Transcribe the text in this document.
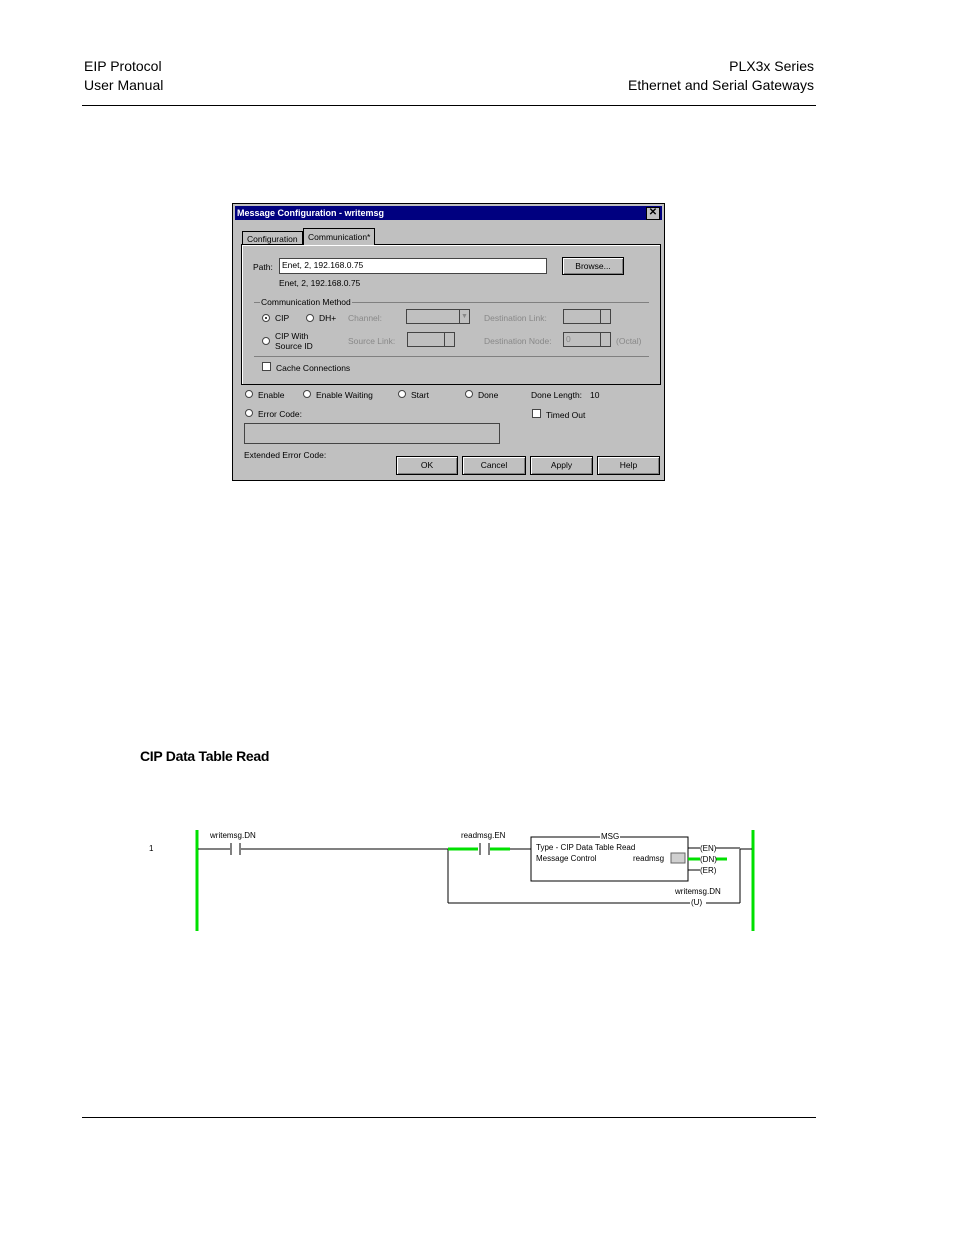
EIP Protocol
User Manual
PLX3x Series
Ethernet and Serial Gateways
Message Configuration - writemsg	✕
Configuration	Communication*
Path:	Enet, 2, 192.168.0.75
Enet, 2, 192.168.0.75
Browse...
Communication Method
CIP	DH+ Channel:	▼ Destination Link:
CIP With
Source ID	Source Link:	Destination Node:	0	(Octal)
Cache Connections
Enable	Enable Waiting	Start	Done	Done Length: 10
Error Code:	Timed Out
Extended Error Code:
OK	Cancel	Apply	Help
CIP Data Table Read
1
writemsg.DN	readmsg.EN	MSG
Type - CIP Data Table Read
Message Control	readmsg
(EN)
(DN)
(ER)
writemsg.DN
(U)
